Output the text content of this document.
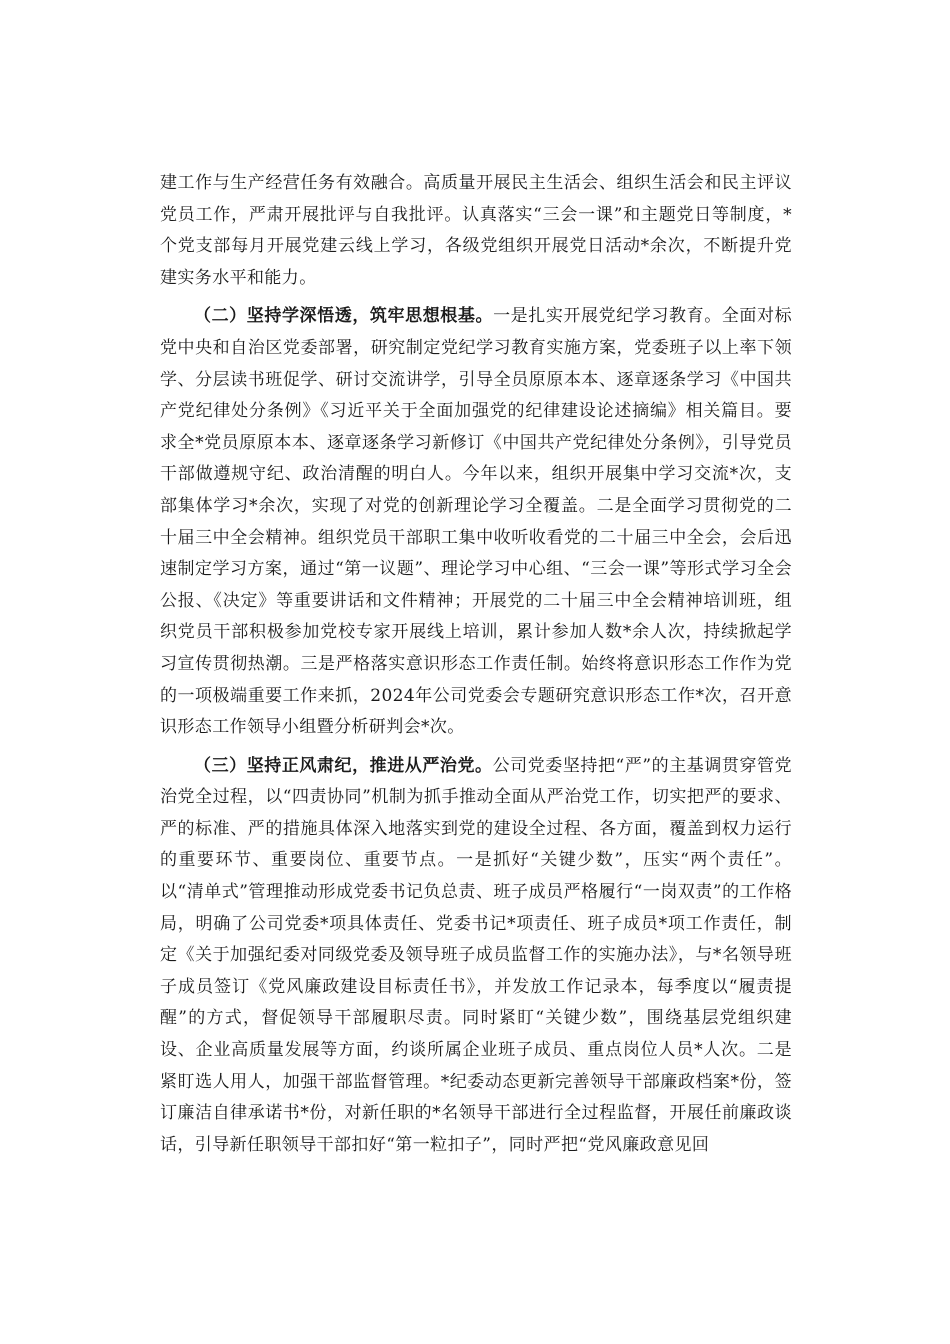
建工作与生产经营任务有效融合。高质量开展民主生活会、组织生活会和民主评议党员工作，严肃开展批评与自我批评。认真落实“三会一课”和主题党日等制度，*个党支部每月开展党建云线上学习，各级党组织开展党日活动*余次，不断提升党建实务水平和能力。

（二）坚持学深悟透，筑牢思想根基。一是扎实开展党纪学习教育。全面对标党中央和自治区党委部署，研究制定党纪学习教育实施方案，党委班子以上率下领学、分层读书班促学、研讨交流讲学，引导全员原原本本、逐章逐条学习《中国共产党纪律处分条例》《习近平关于全面加强党的纪律建设论述摘编》相关篇目。要求全*党员原原本本、逐章逐条学习新修订《中国共产党纪律处分条例》，引导党员干部做遵规守纪、政治清醒的明白人。今年以来，组织开展集中学习交流*次，支部集体学习*余次，实现了对党的创新理论学习全覆盖。二是全面学习贯彻党的二十届三中全会精神。组织党员干部职工集中收听收看党的二十届三中全会，会后迅速制定学习方案，通过“第一议题”、理论学习中心组、“三会一课”等形式学习全会公报、《决定》等重要讲话和文件精神；开展党的二十届三中全会精神培训班，组织党员干部积极参加党校专家开展线上培训，累计参加人数*余人次，持续掀起学习宣传贯彻热潮。三是严格落实意识形态工作责任制。始终将意识形态工作作为党的一项极端重要工作来抓，2024年公司党委会专题研究意识形态工作*次，召开意识形态工作领导小组暨分析研判会*次。

（三）坚持正风肃纪，推进从严治党。公司党委坚持把“严”的主基调贯穿管党治党全过程，以“四责协同”机制为抓手推动全面从严治党工作，切实把严的要求、严的标准、严的措施具体深入地落实到党的建设全过程、各方面，覆盖到权力运行的重要环节、重要岗位、重要节点。一是抓好“关键少数”，压实“两个责任”。以“清单式”管理推动形成党委书记负总责、班子成员严格履行“一岗双责”的工作格局，明确了公司党委*项具体责任、党委书记*项责任、班子成员*项工作责任，制定《关于加强纪委对同级党委及领导班子成员监督工作的实施办法》，与*名领导班子成员签订《党风廉政建设目标责任书》，并发放工作记录本，每季度以“履责提醒”的方式，督促领导干部履职尽责。同时紧盯“关键少数”，围绕基层党组织建设、企业高质量发展等方面，约谈所属企业班子成员、重点岗位人员*人次。二是紧盯选人用人，加强干部监督管理。*纪委动态更新完善领导干部廉政档案*份，签订廉洁自律承诺书*份，对新任职的*名领导干部进行全过程监督，开展任前廉政谈话，引导新任职领导干部扣好“第一粒扣子”，同时严把“党风廉政意见回
